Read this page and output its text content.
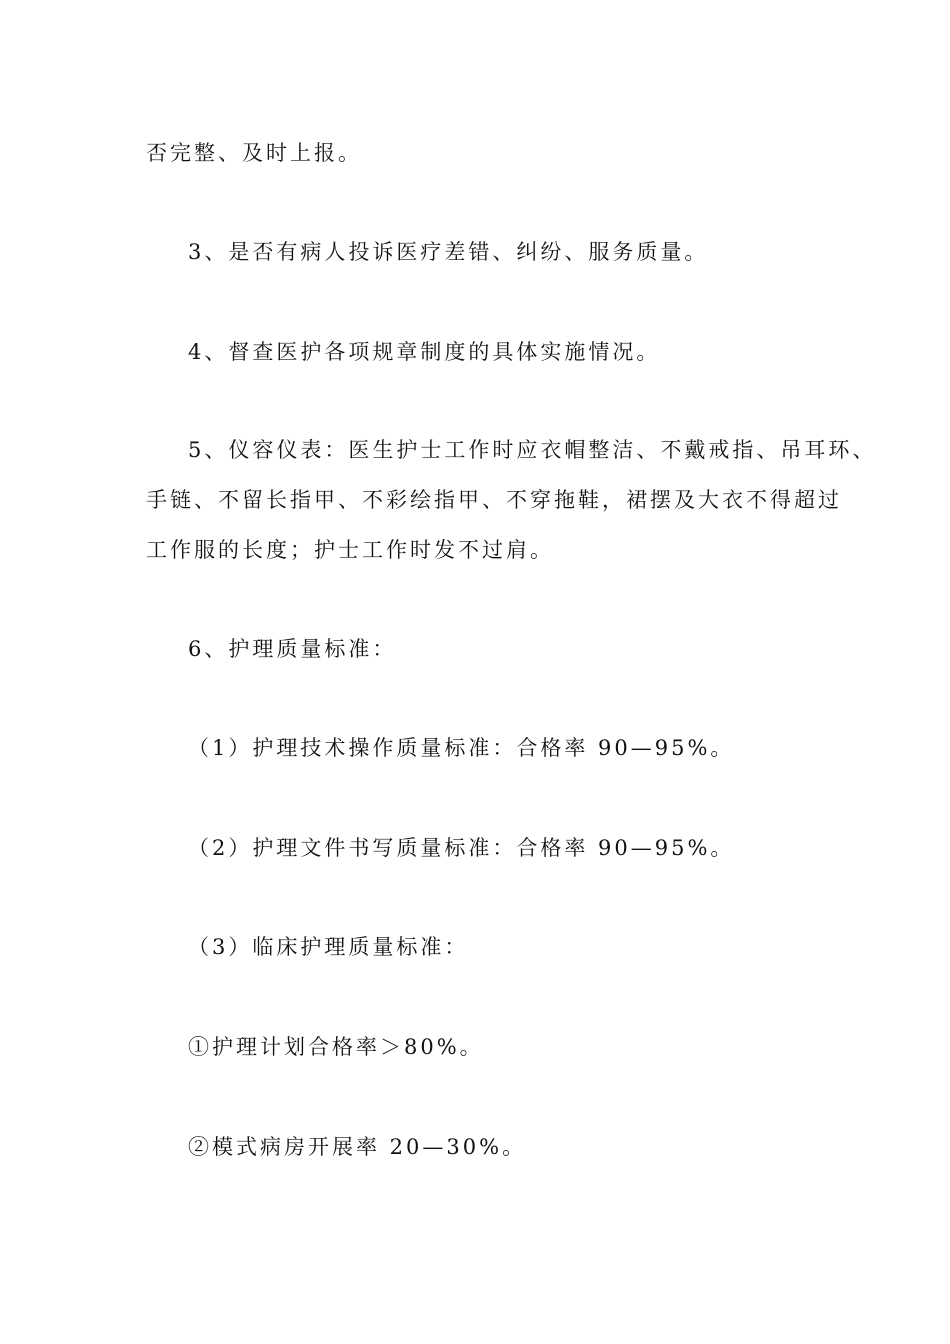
否完整、及时上报。

3、是否有病人投诉医疗差错、纠纷、服务质量。

4、督查医护各项规章制度的具体实施情况。

5、仪容仪表：医生护士工作时应衣帽整洁、不戴戒指、吊耳环、

手链、不留长指甲、不彩绘指甲、不穿拖鞋，裙摆及大衣不得超过

工作服的长度；护士工作时发不过肩。

6、护理质量标准：

（1）护理技术操作质量标准：合格率 90—95%。

（2）护理文件书写质量标准：合格率 90—95%。

（3）临床护理质量标准：

①护理计划合格率＞80%。

②模式病房开展率 20—30%。
